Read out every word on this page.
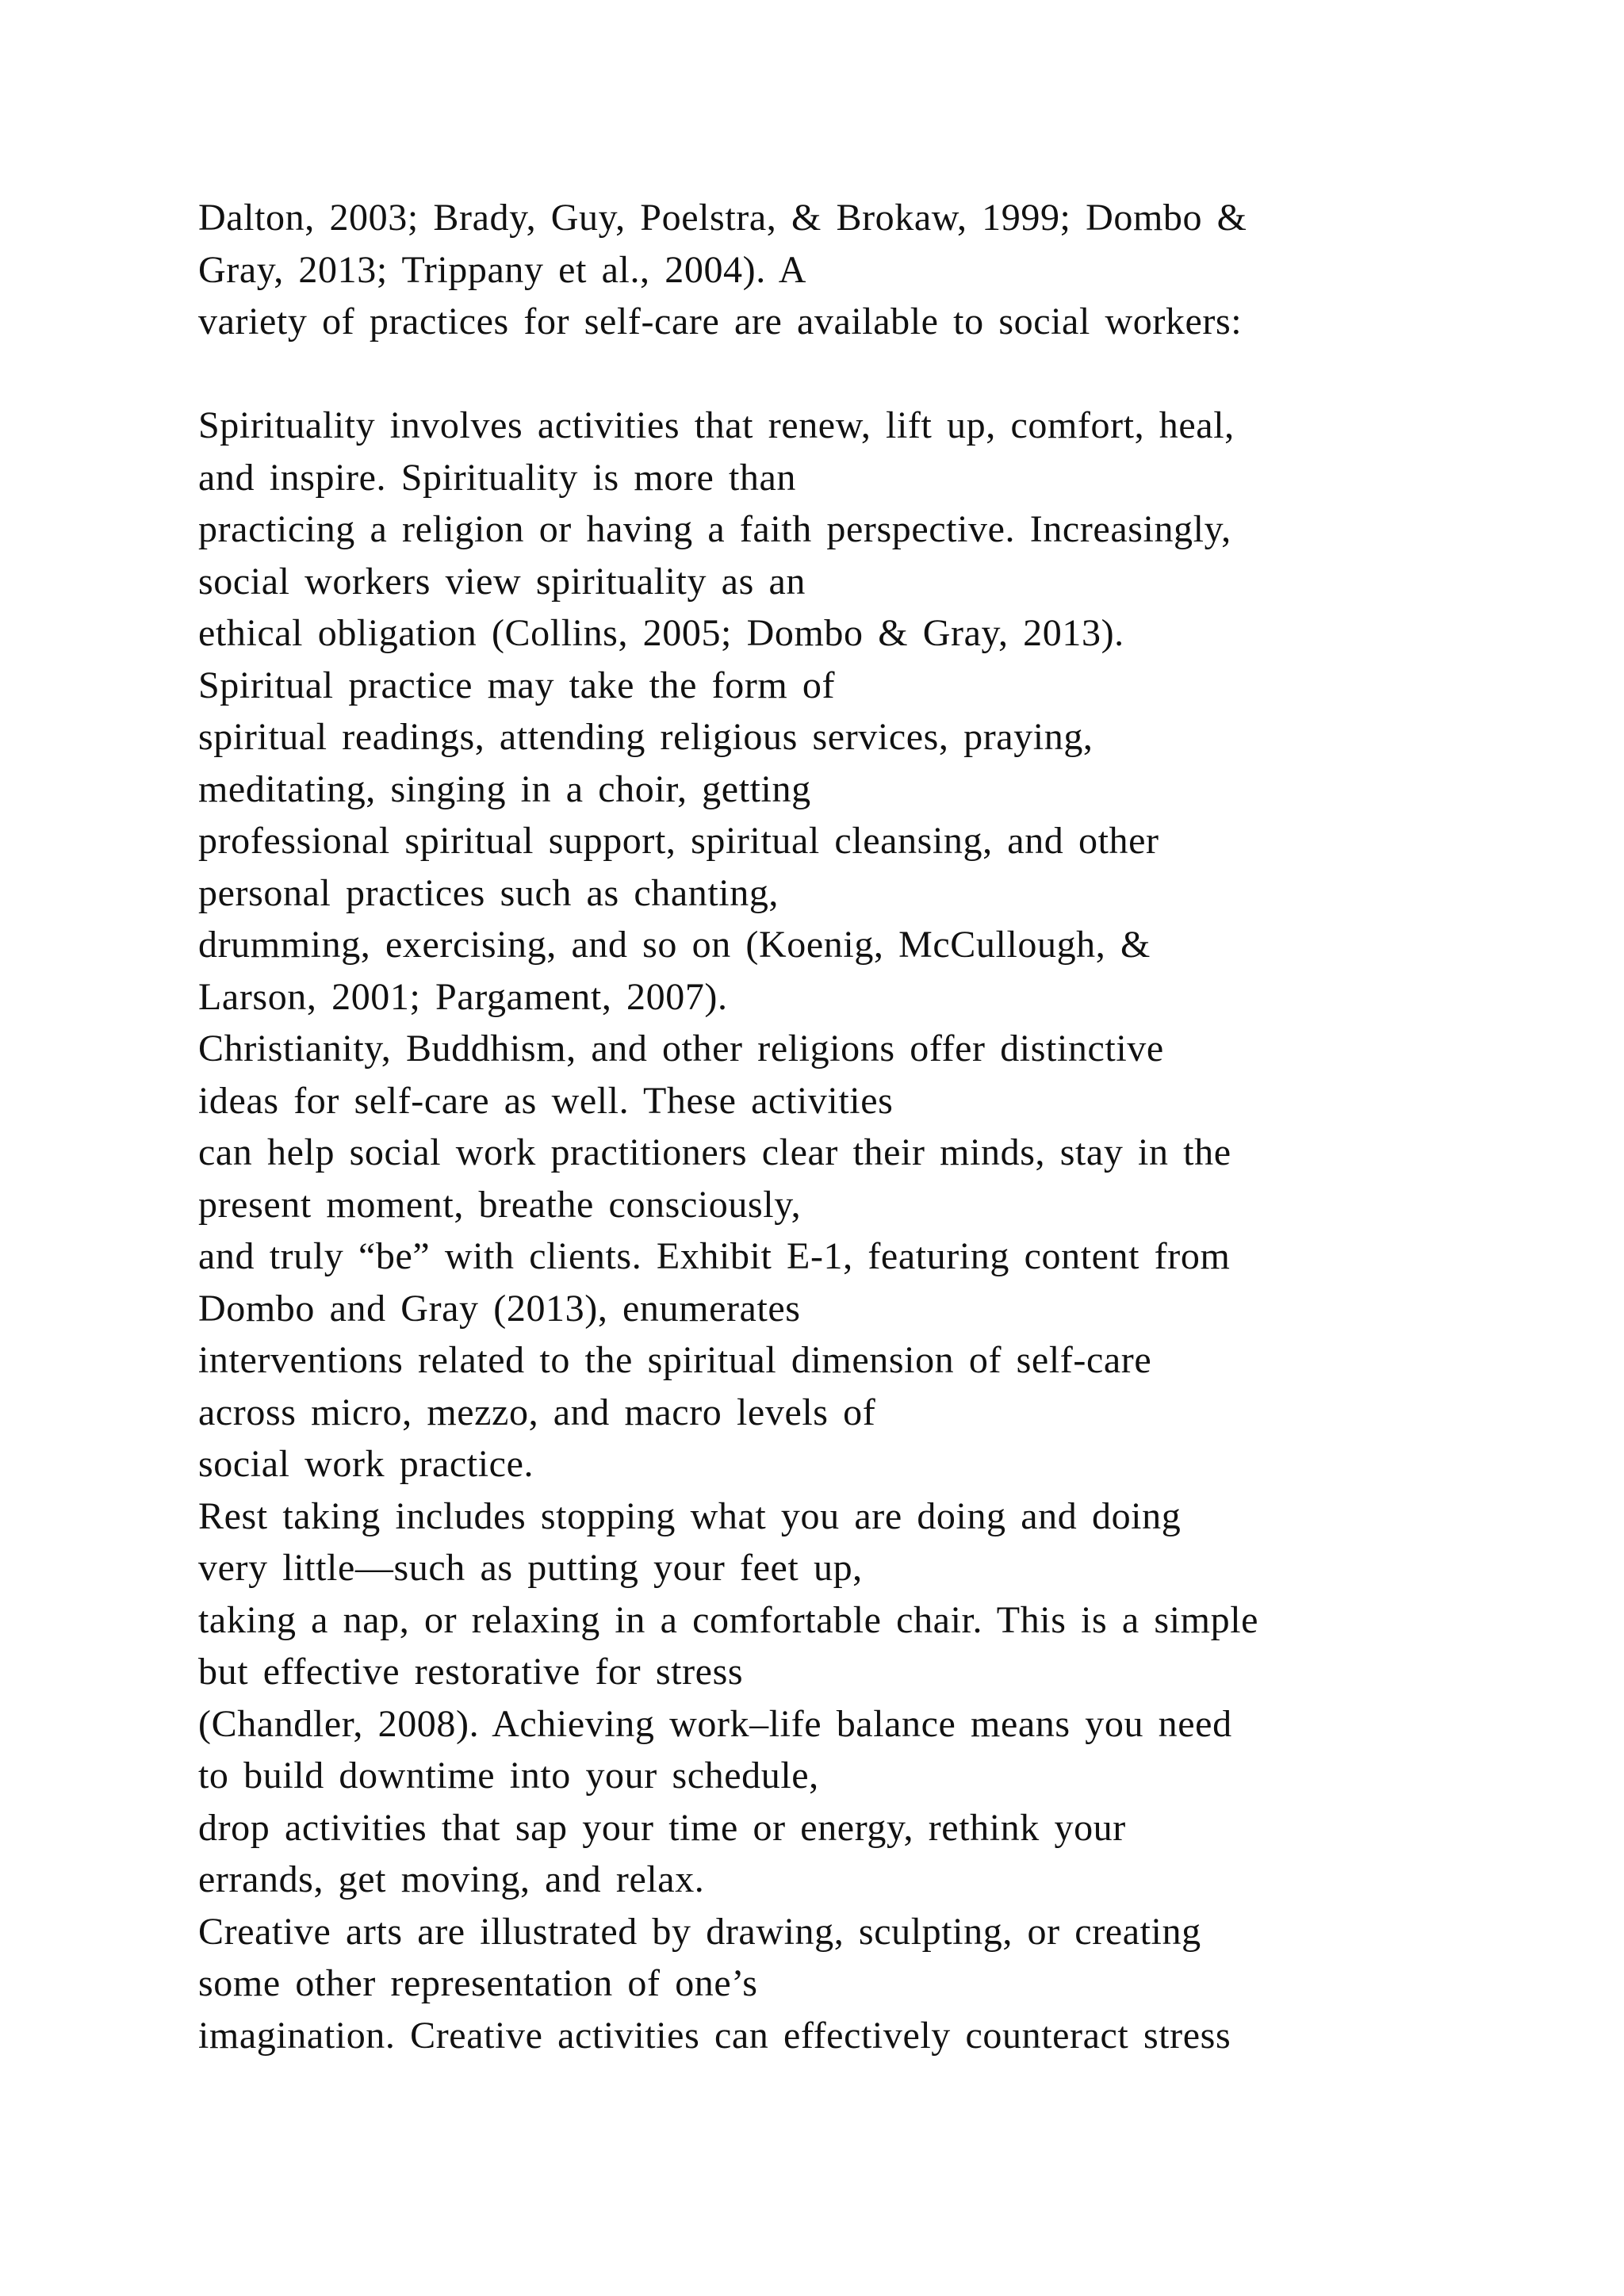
Dalton, 2003; Brady, Guy, Poelstra, & Brokaw, 1999; Dombo &
Gray, 2013; Trippany et al., 2004). A
variety of practices for self-care are available to social workers:
Spirituality involves activities that renew, lift up, comfort, heal,
and inspire. Spirituality is more than
practicing a religion or having a faith perspective. Increasingly,
social workers view spirituality as an
ethical obligation (Collins, 2005; Dombo & Gray, 2013).
Spiritual practice may take the form of
spiritual readings, attending religious services, praying,
meditating, singing in a choir, getting
professional spiritual support, spiritual cleansing, and other
personal practices such as chanting,
drumming, exercising, and so on (Koenig, McCullough, &
Larson, 2001; Pargament, 2007).
Christianity, Buddhism, and other religions offer distinctive
ideas for self-care as well. These activities
can help social work practitioners clear their minds, stay in the
present moment, breathe consciously,
and truly “be” with clients. Exhibit E-1, featuring content from
Dombo and Gray (2013), enumerates
interventions related to the spiritual dimension of self-care
across micro, mezzo, and macro levels of
social work practice.
Rest taking includes stopping what you are doing and doing
very little—such as putting your feet up,
taking a nap, or relaxing in a comfortable chair. This is a simple
but effective restorative for stress
(Chandler, 2008). Achieving work–life balance means you need
to build downtime into your schedule,
drop activities that sap your time or energy, rethink your
errands, get moving, and relax.
Creative arts are illustrated by drawing, sculpting, or creating
some other representation of one’s
imagination. Creative activities can effectively counteract stress
